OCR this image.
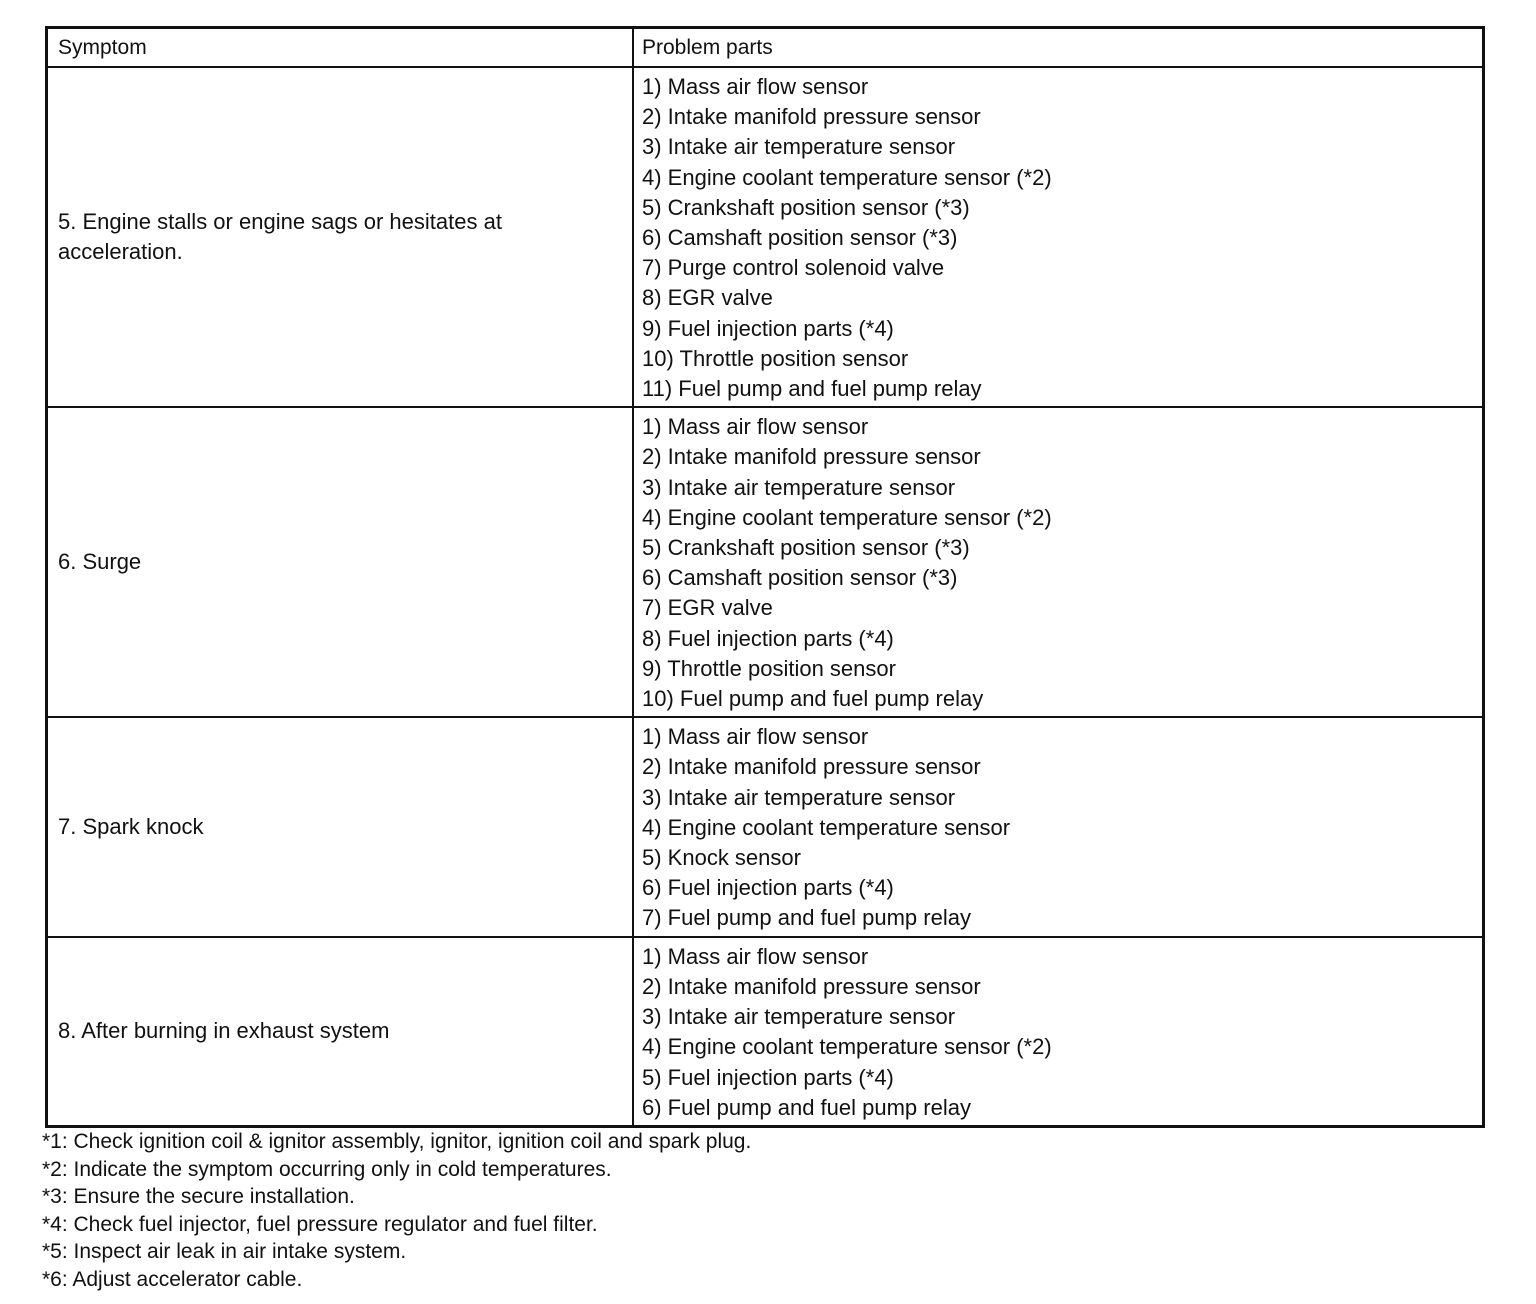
Symptom	Problem parts
5. Engine stalls or engine sags or hesitates at acceleration.
1) Mass air flow sensor
2) Intake manifold pressure sensor
3) Intake air temperature sensor
4) Engine coolant temperature sensor (*2)
5) Crankshaft position sensor (*3)
6) Camshaft position sensor (*3)
7) Purge control solenoid valve
8) EGR valve
9) Fuel injection parts (*4)
10) Throttle position sensor
11) Fuel pump and fuel pump relay
6. Surge
1) Mass air flow sensor
2) Intake manifold pressure sensor
3) Intake air temperature sensor
4) Engine coolant temperature sensor (*2)
5) Crankshaft position sensor (*3)
6) Camshaft position sensor (*3)
7) EGR valve
8) Fuel injection parts (*4)
9) Throttle position sensor
10) Fuel pump and fuel pump relay
7. Spark knock
1) Mass air flow sensor
2) Intake manifold pressure sensor
3) Intake air temperature sensor
4) Engine coolant temperature sensor
5) Knock sensor
6) Fuel injection parts (*4)
7) Fuel pump and fuel pump relay
8. After burning in exhaust system
1) Mass air flow sensor
2) Intake manifold pressure sensor
3) Intake air temperature sensor
4) Engine coolant temperature sensor (*2)
5) Fuel injection parts (*4)
6) Fuel pump and fuel pump relay
*1: Check ignition coil & ignitor assembly, ignitor, ignition coil and spark plug.
*2: Indicate the symptom occurring only in cold temperatures.
*3: Ensure the secure installation.
*4: Check fuel injector, fuel pressure regulator and fuel filter.
*5: Inspect air leak in air intake system.
*6: Adjust accelerator cable.
